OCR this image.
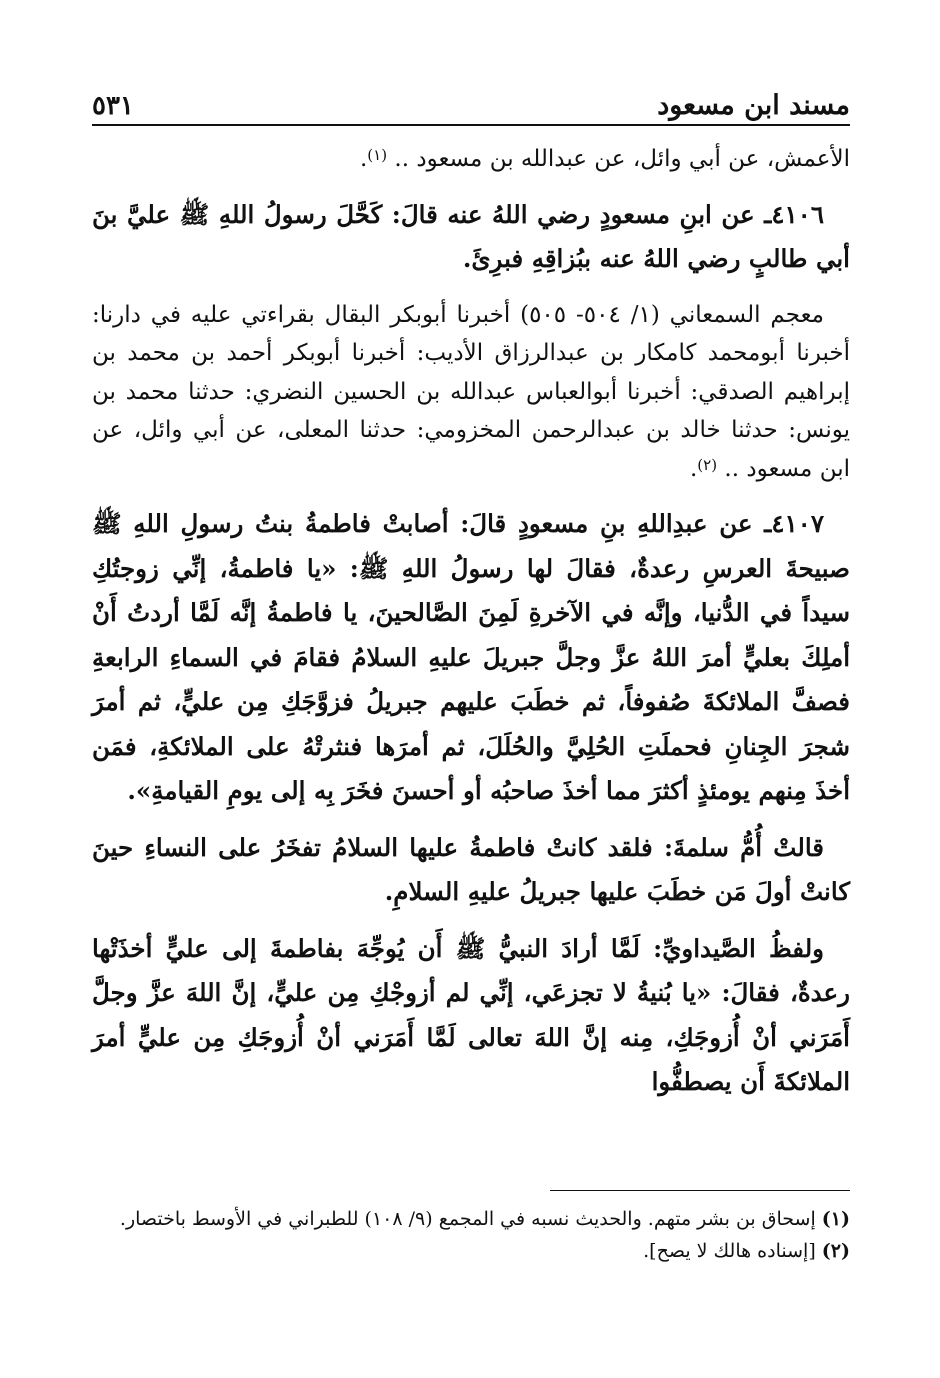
مسند ابن مسعود
٥٣١

الأعمش، عن أبي وائل، عن عبدالله بن مسعود .. $^{(١)}$.

٤١٠٦ـ عن ابنِ مسعودٍ رضي اللهُ عنه قالَ: كَحَّلَ رسولُ اللهِ ﷺ عليَّ بنَ أبي طالبٍ رضي اللهُ عنه ببُزاقِهِ فبرِئَ.

معجم السمعاني (١/ ٥٠٤- ٥٠٥) أخبرنا أبوبكر البقال بقراءتي عليه في دارنا: أخبرنا أبومحمد كامكار بن عبدالرزاق الأديب: أخبرنا أبوبكر أحمد بن محمد بن إبراهيم الصدقي: أخبرنا أبوالعباس عبدالله بن الحسين النضري: حدثنا محمد بن يونس: حدثنا خالد بن عبدالرحمن المخزومي: حدثنا المعلى، عن أبي وائل، عن ابن مسعود .. $^{(٢)}$.

٤١٠٧ـ عن عبدِاللهِ بنِ مسعودٍ قالَ: أصابتْ فاطمةُ بنتُ رسولِ اللهِ ﷺ صبيحةَ العرسِ رعدةٌ، فقالَ لها رسولُ اللهِ ﷺ: «يا فاطمةُ، إنِّي زوجتُكِ سيداً في الدُّنيا، وإنَّه في الآخرةِ لَمِنَ الصَّالحينَ، يا فاطمةُ إنَّه لَمَّا أردتُ أَنْ أملِكَ بعليٍّ أمرَ اللهُ عزَّ وجلَّ جبريلَ عليهِ السلامُ فقامَ في السماءِ الرابعةِ فصفَّ الملائكةَ صُفوفاً، ثم خطَبَ عليهم جبريلُ فزوَّجَكِ مِن عليٍّ، ثم أمرَ شجرَ الجِنانِ فحملَتِ الحُلِيَّ والحُلَلَ، ثم أمرَها فنثرتْهُ على الملائكةِ، فمَن أخذَ مِنهم يومئذٍ أكثرَ مما أخذَ صاحبُه أو أحسنَ فخَرَ بِه إلى يومِ القيامةِ».

قالتْ أُمُّ سلمةَ: فلقد كانتْ فاطمةُ عليها السلامُ تفخَرُ على النساءِ حينَ كانتْ أولَ مَن خطَبَ عليها جبريلُ عليهِ السلامِ.

ولفظُ الصَّيداويِّ: لَمَّا أرادَ النبيُّ ﷺ أَن يُوجِّهَ بفاطمةَ إلى عليٍّ أخذَتْها رعدةٌ، فقالَ: «يا بُنيةُ لا تجزعَي، إنِّي لم أزوجْكِ مِن عليٍّ، إنَّ اللهَ عزَّ وجلَّ أَمَرَني أنْ أُزوجَكِ، مِنه إنَّ اللهَ تعالى لَمَّا أَمَرَني أنْ أُزوجَكِ مِن عليٍّ أمرَ الملائكةَ أَن يصطفُّوا

(١) إسحاق بن بشر متهم. والحديث نسبه في المجمع (٩/ ١٠٨) للطبراني في الأوسط باختصار.

(٢) [إسناده هالك لا يصح].
